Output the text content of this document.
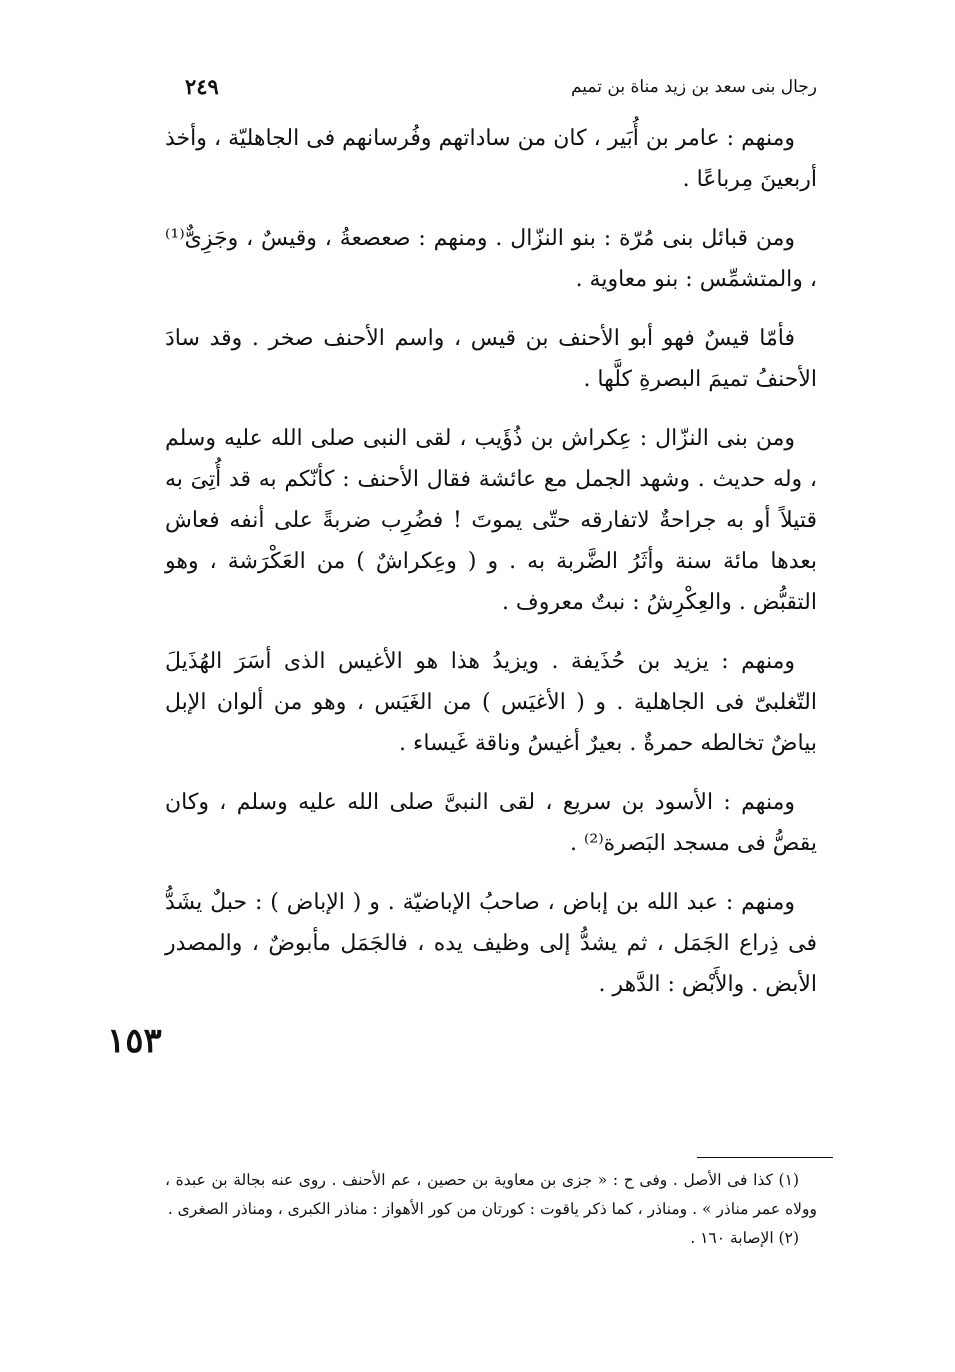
رجال بنى سعد بن زيد مناة بن تميم
٢٤٩

ومنهم : عامر بن أُبَير ، كان من ساداتهم وفُرسانهم فى الجاهليّة ، وأخذ أربعينَ مِرباعًا .

ومن قبائل بنى مُرّة : بنو النزّال . ومنهم : صعصعةُ ، وقيسٌ ، وجَزِىٌّ⁽¹⁾ ، والمتشمِّس : بنو معاوية .

فأمّا قيسٌ فهو أبو الأحنف بن قيس ، واسم الأحنف صخر . وقد سادَ الأحنفُ تميمَ البصرةِ كلَّها .

ومن بنى النزّال : عِكراش بن ذُؤَيب ، لقى النبى صلى الله عليه وسلم ، وله حديث . وشهد الجمل مع عائشة فقال الأحنف : كأنّكم به قد أُتِىَ به قتيلاً أو به جراحةٌ لاتفارقه حتّى يموتَ ! فضُرِب ضربةً على أنفه فعاش بعدها مائة سنة وأثَرُ الضَّربة به . و ( وعِكراشٌ ) من العَكْرَشة ، وهو التقبُّض . والعِكْرِشُ : نبتٌ معروف .

ومنهم : يزيد بن حُذَيفة . ويزيدُ هذا هو الأغيس الذى أسَرَ الهُذَيلَ التّغلبىّ فى الجاهلية . و ( الأغيَس ) من الغَيَس ، وهو من ألوان الإبل بياضٌ تخالطه حمرةٌ . بعيرٌ أغيسُ وناقة غَيساء .

ومنهم : الأسود بن سريع ، لقى النبىَّ صلى الله عليه وسلم ، وكان يقصُّ فى مسجد البَصرة⁽²⁾ .

ومنهم : عبد الله بن إباض ، صاحبُ الإباضيّة . و ( الإباض ) : حبلٌ يشَدُّ فى ذِراع الجَمَل ، ثم يشدُّ إلى وظيف يده ، فالجَمَل مأبوضٌ ، والمصدر الأبض . والأَبْض : الدَّهر .

١٥٣

(١) كذا فى الأصل . وفى ح : « جزى بن معاوية بن حصين ، عم الأحنف . روى عنه بجالة بن عبدة ، وولاه عمر مناذر » . ومناذر ، كما ذكر ياقوت : كورتان من كور الأهواز : مناذر الكبرى ، ومناذر الصغرى .

(٢) الإصابة ١٦٠ .
